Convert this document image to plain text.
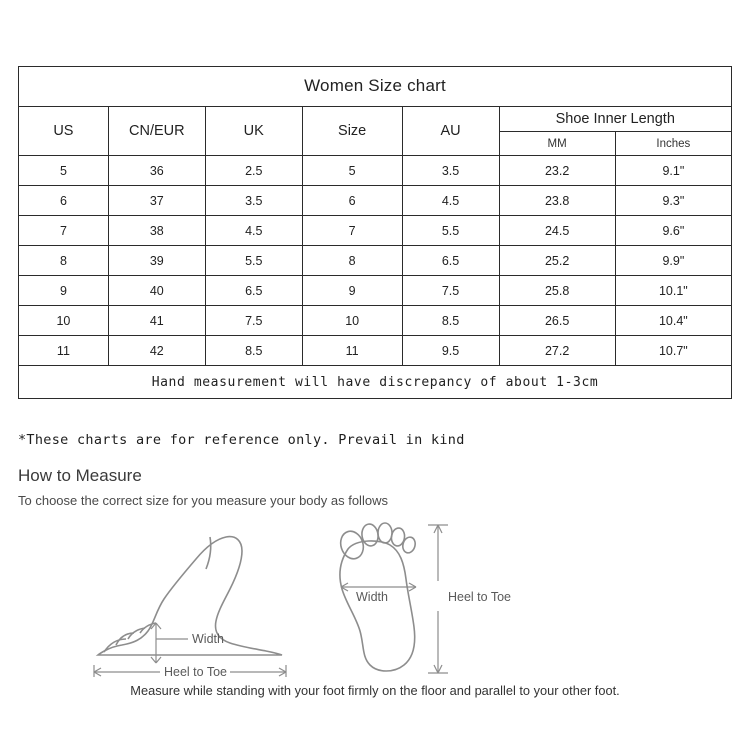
Women Size chart						
US	CN/EUR	UK	Size	AU	Shoe Inner Length	
					MM	Inches
5	36	2.5	5	3.5	23.2	9.1"
6	37	3.5	6	4.5	23.8	9.3"
7	38	4.5	7	5.5	24.5	9.6"
8	39	5.5	8	6.5	25.2	9.9"
9	40	6.5	9	7.5	25.8	10.1"
10	41	7.5	10	8.5	26.5	10.4"
11	42	8.5	11	9.5	27.2	10.7"
Hand measurement will have discrepancy of about 1-3cm						
*These charts are for reference only. Prevail in kind
How to Measure
To choose the correct size for you measure your body as follows
Width
Heel to Toe
Width	Heel to Toe
Measure while standing with your foot firmly on the floor and parallel to your other foot.
